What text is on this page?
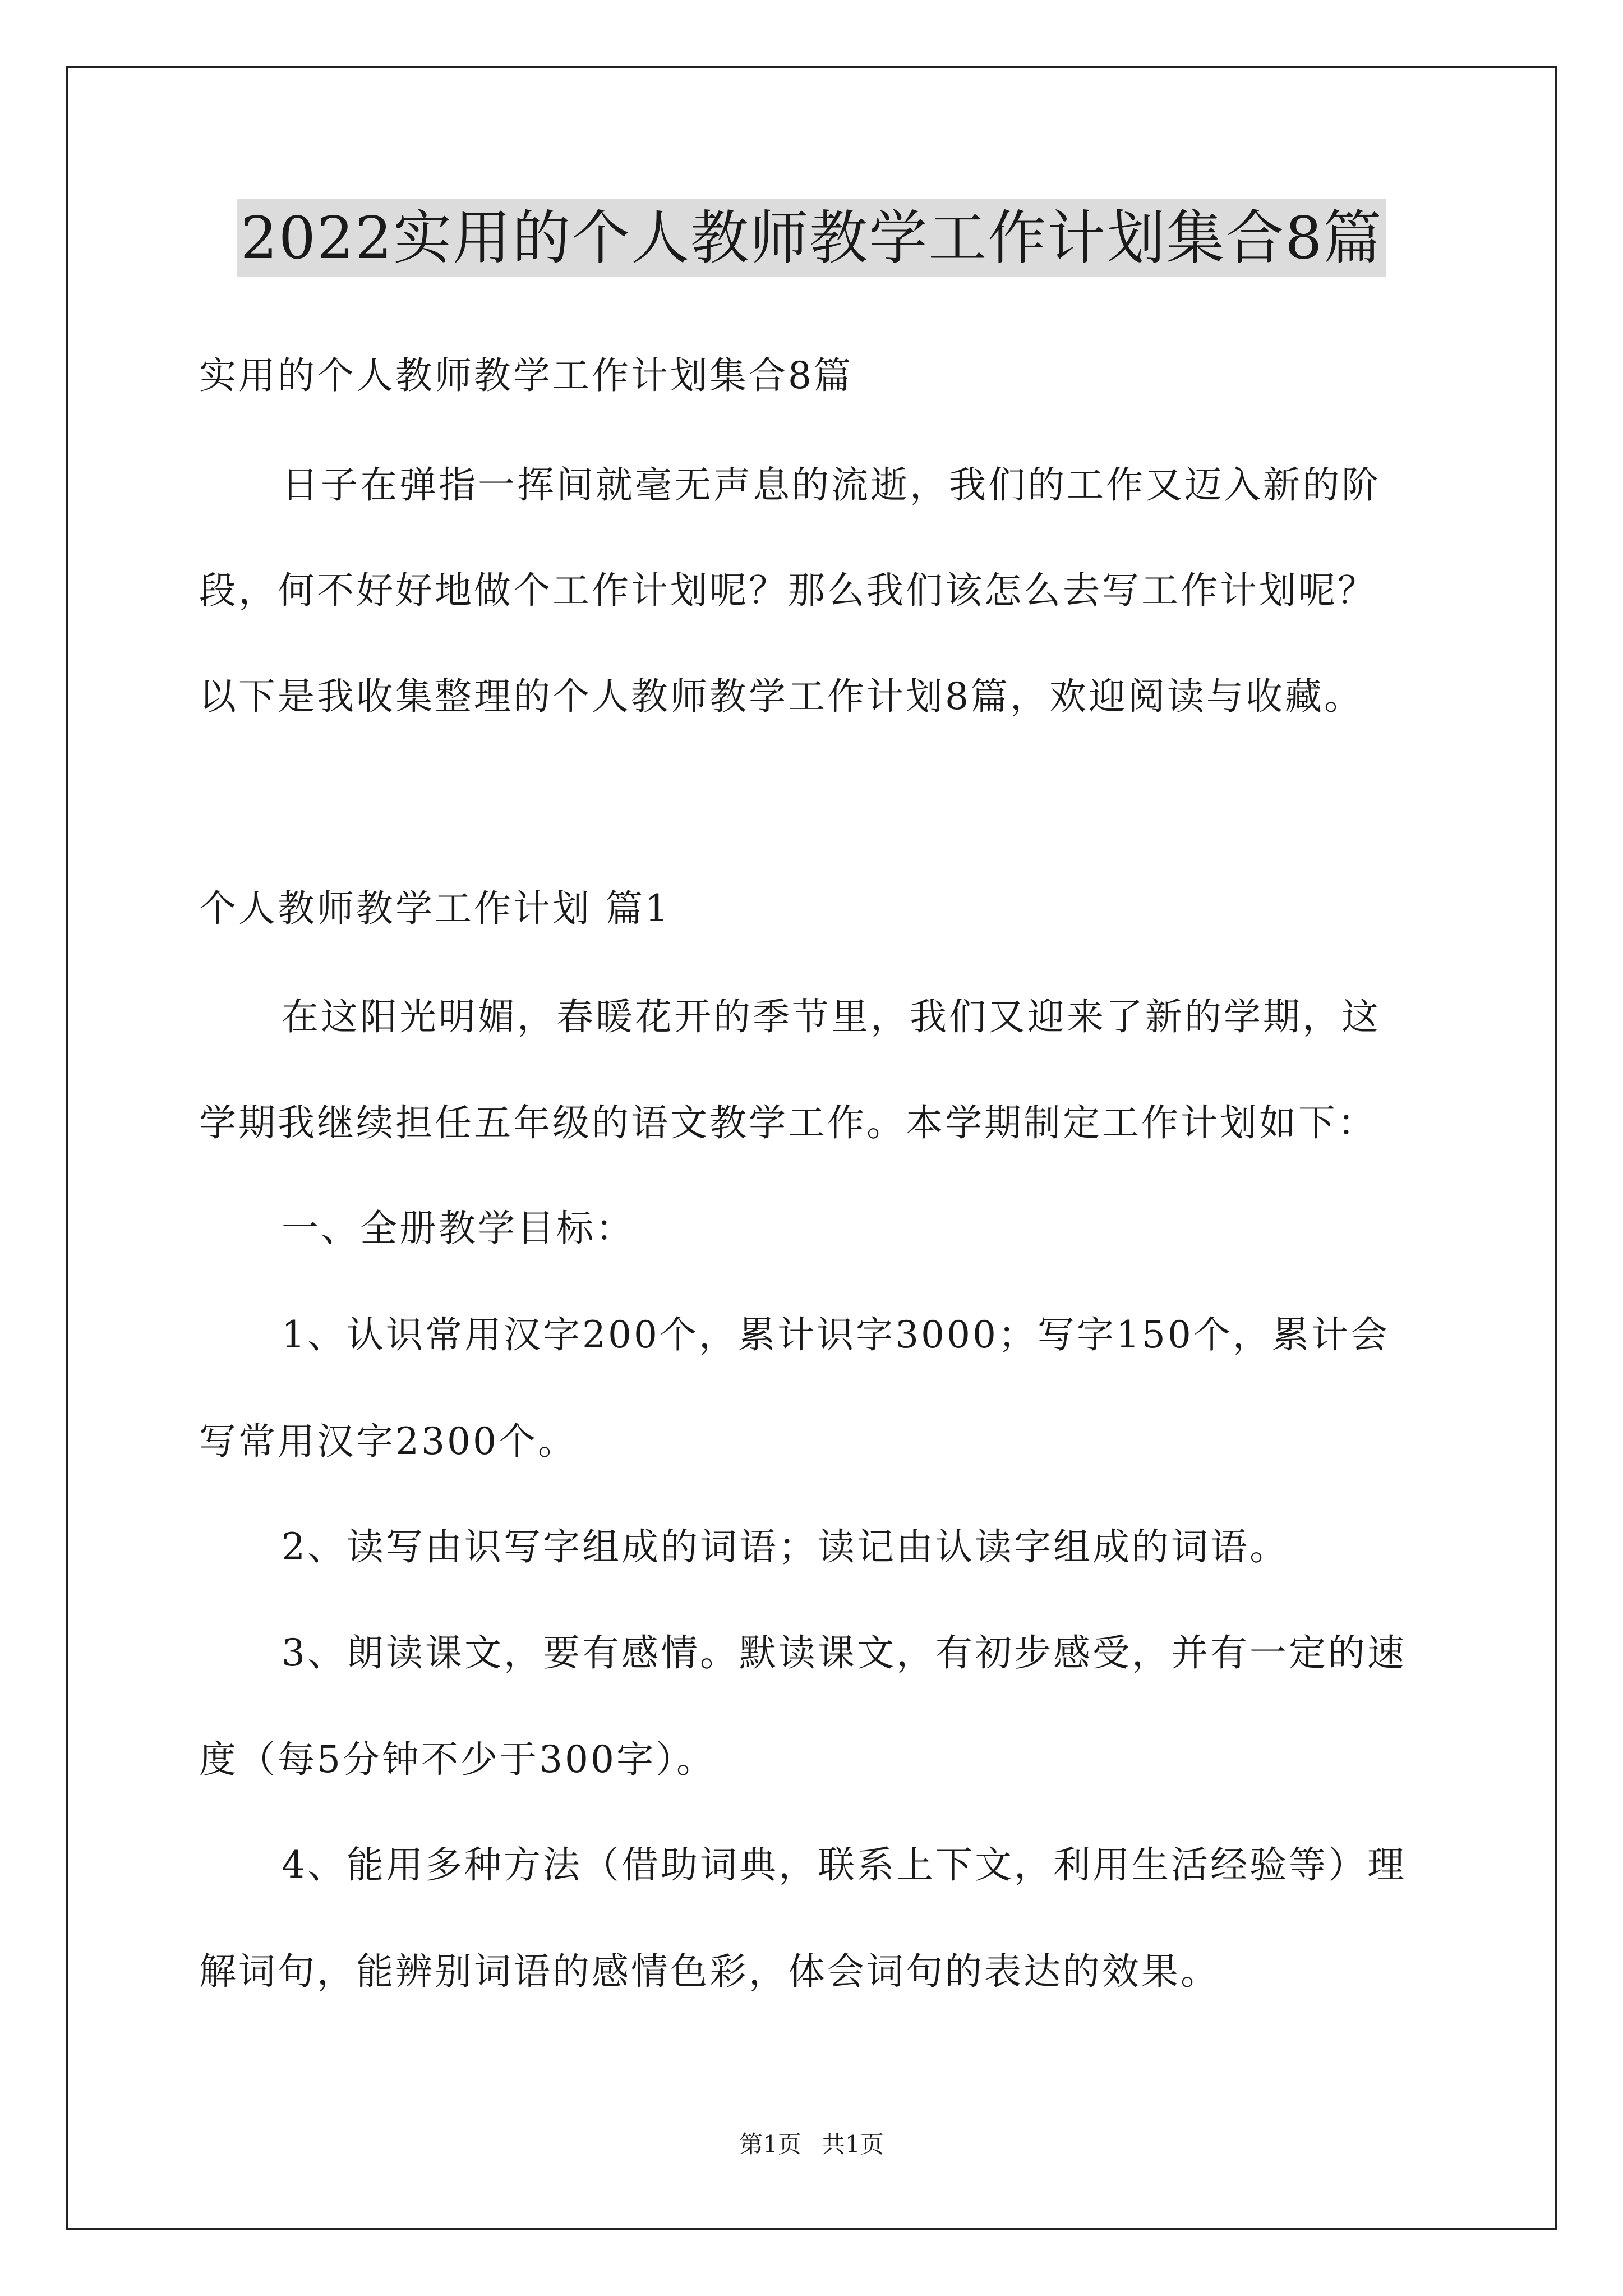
2022实用的个人教师教学工作计划集合8篇
实用的个人教师教学工作计划集合8篇
日子在弹指一挥间就毫无声息的流逝，我们的工作又迈入新的阶
段，何不好好地做个工作计划呢？那么我们该怎么去写工作计划呢？
以下是我收集整理的个人教师教学工作计划8篇，欢迎阅读与收藏。
个人教师教学工作计划 篇1
在这阳光明媚，春暖花开的季节里，我们又迎来了新的学期，这
学期我继续担任五年级的语文教学工作。本学期制定工作计划如下：
一、全册教学目标：
1、认识常用汉字200个，累计识字3000；写字150个，累计会
写常用汉字2300个。
2、读写由识写字组成的词语；读记由认读字组成的词语。
3、朗读课文，要有感情。默读课文，有初步感受，并有一定的速
度（每5分钟不少于300字）。
4、能用多种方法（借助词典，联系上下文，利用生活经验等）理
解词句，能辨别词语的感情色彩，体会词句的表达的效果。
第1页 共1页
